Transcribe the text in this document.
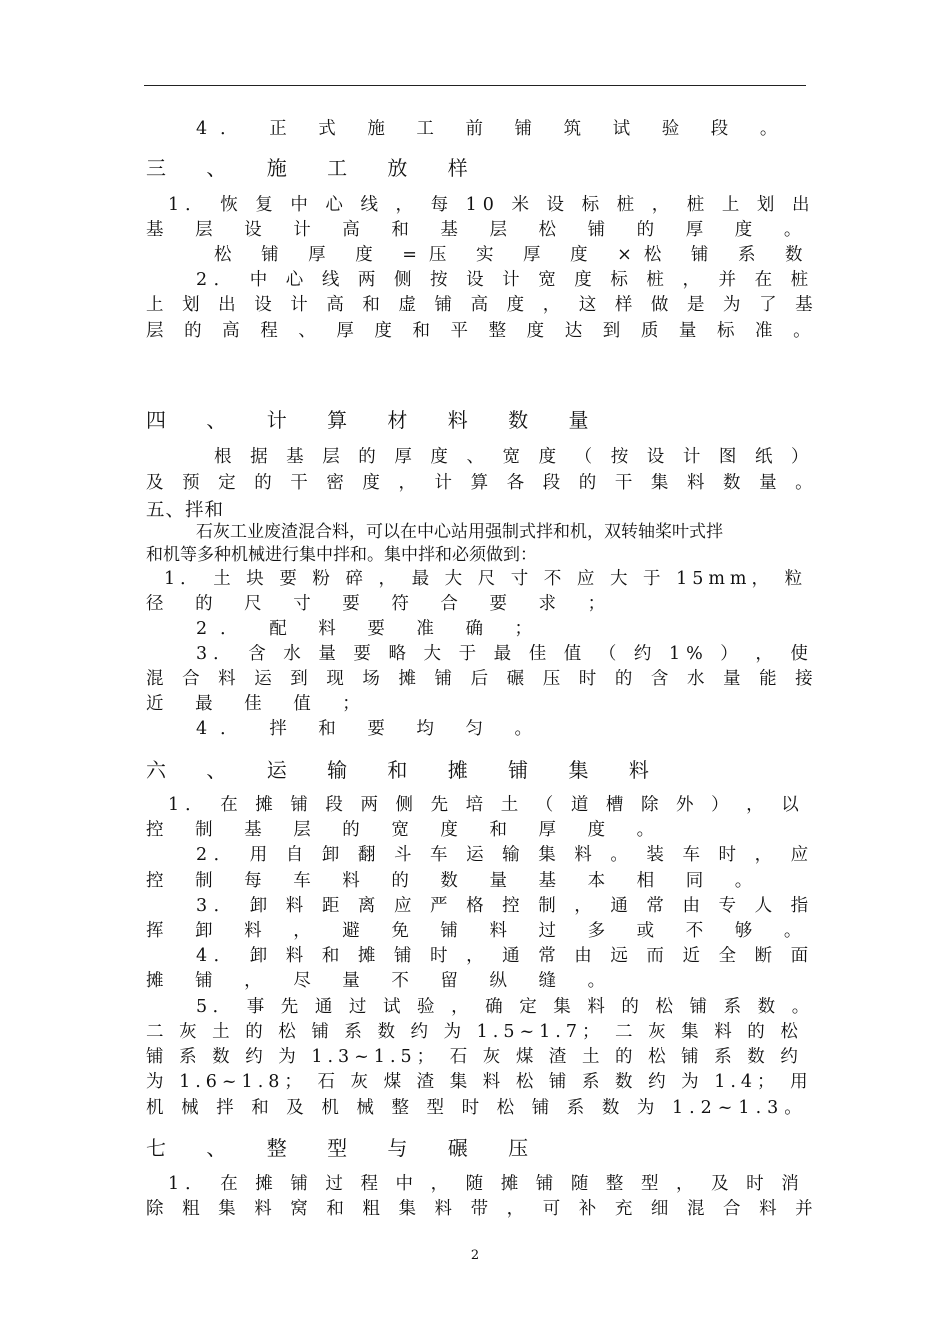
4． 正 式 施 工 前 铺 筑 试 验 段 。
三 、 施 工 放 样
1． 恢 复 中 心 线 ， 每 10 米 设 标 桩 ， 桩 上 划 出
基 层 设 计 高 和 基 层 松 铺 的 厚 度 。
松 铺 厚 度 =压 实 厚 度 ×松 铺 系 数
2． 中 心 线 两 侧 按 设 计 宽 度 标 桩 ， 并 在 桩
上 划 出 设 计 高 和 虚 铺 高 度 ， 这 样 做 是 为 了 基
层 的 高 程 、 厚 度 和 平 整 度 达 到 质 量 标 准 。
四 、 计 算 材 料 数 量
根 据 基 层 的 厚 度 、 宽 度 （ 按 设 计 图 纸 ）
及 预 定 的 干 密 度 ， 计 算 各 段 的 干 集 料 数 量 。
五、拌和
石灰工业废渣混合料，可以在中心站用强制式拌和机，双转轴桨叶式拌
和机等多种机械进行集中拌和。集中拌和必须做到：
1． 土 块 要 粉 碎 ， 最 大 尺 寸 不 应 大 于 15mm， 粒
径 的 尺 寸 要 符 合 要 求 ；
2． 配 料 要 准 确 ；
3． 含 水 量 要 略 大 于 最 佳 值 （ 约 1% ） ， 使
混 合 料 运 到 现 场 摊 铺 后 碾 压 时 的 含 水 量 能 接
近 最 佳 值 ；
4． 拌 和 要 均 匀 。
六 、 运 输 和 摊 铺 集 料
1． 在 摊 铺 段 两 侧 先 培 土 （ 道 槽 除 外 ） ， 以
控 制 基 层 的 宽 度 和 厚 度 。
2． 用 自 卸 翻 斗 车 运 输 集 料 。 装 车 时 ， 应
控 制 每 车 料 的 数 量 基 本 相 同 。
3． 卸 料 距 离 应 严 格 控 制 ， 通 常 由 专 人 指
挥 卸 料 ， 避 免 铺 料 过 多 或 不 够 。
4． 卸 料 和 摊 铺 时 ， 通 常 由 远 而 近 全 断 面
摊 铺 ， 尽 量 不 留 纵 缝 。
5． 事 先 通 过 试 验 ， 确 定 集 料 的 松 铺 系 数 。
二 灰 土 的 松 铺 系 数 约 为 1.5~1.7； 二 灰 集 料 的 松
铺 系 数 约 为 1.3~1.5； 石 灰 煤 渣 土 的 松 铺 系 数 约
为 1.6~1.8； 石 灰 煤 渣 集 料 松 铺 系 数 约 为 1.4； 用
机 械 拌 和 及 机 械 整 型 时 松 铺 系 数 为 1.2~1.3。
七 、 整 型 与 碾 压
1． 在 摊 铺 过 程 中 ， 随 摊 铺 随 整 型 ， 及 时 消
除 粗 集 料 窝 和 粗 集 料 带 ， 可 补 充 细 混 合 料 并
2
